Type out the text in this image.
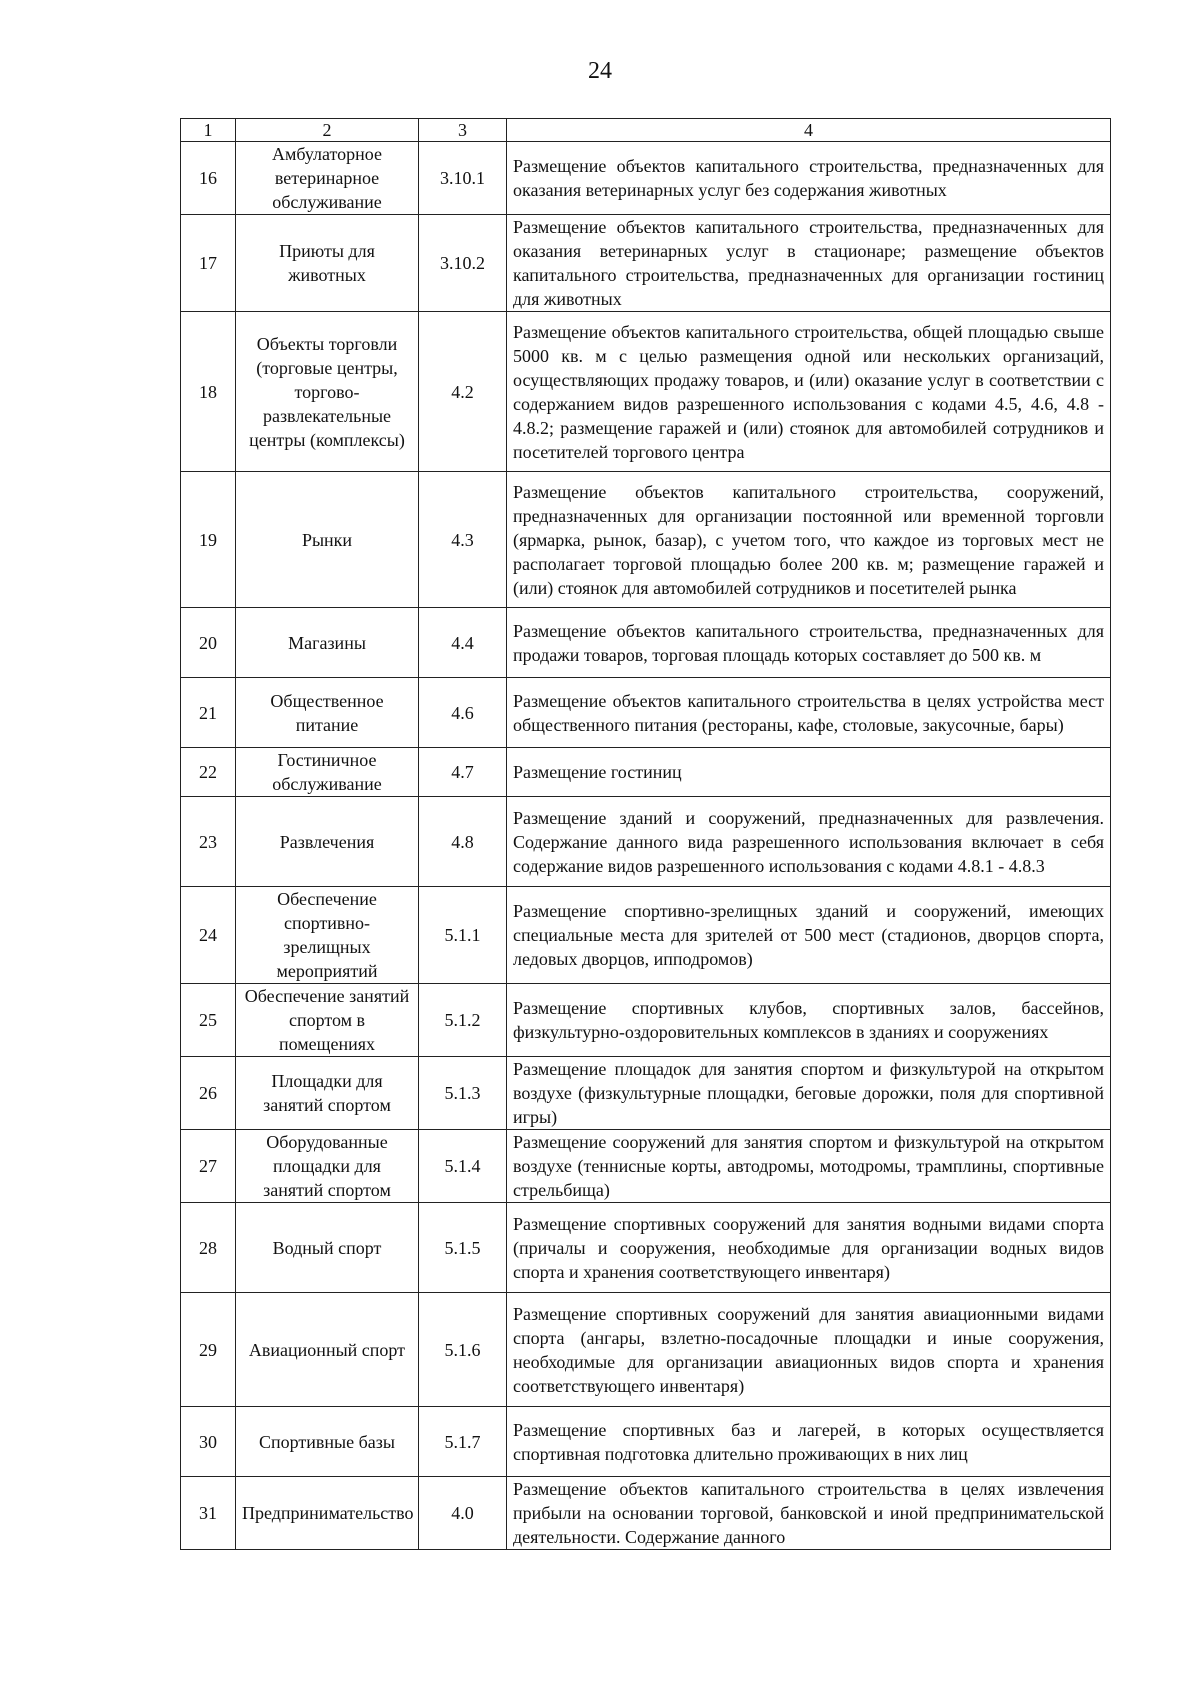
24
1	2	3	4
16	Амбулаторное ветеринарное обслуживание	3.10.1	Размещение объектов капитального строительства, предназначенных для оказания ветеринарных услуг без содержания животных
17	Приюты для животных	3.10.2	Размещение объектов капитального строительства, предназначенных для оказания ветеринарных услуг в стационаре; размещение объектов капитального строительства, предназначенных для организации гостиниц для животных
18	Объекты торговли (торговые центры, торгово-развлекательные центры (комплексы)	4.2	Размещение объектов капитального строительства, общей площадью свыше 5000 кв. м с целью размещения одной или нескольких организаций, осуществляющих продажу товаров, и (или) оказание услуг в соответствии с содержанием видов разрешенного использования с кодами 4.5, 4.6, 4.8 - 4.8.2; размещение гаражей и (или) стоянок для автомобилей сотрудников и посетителей торгового центра
19	Рынки	4.3	Размещение объектов капитального строительства, сооружений, предназначенных для организации постоянной или временной торговли (ярмарка, рынок, базар), с учетом того, что каждое из торговых мест не располагает торговой площадью более 200 кв. м; размещение гаражей и (или) стоянок для автомобилей сотрудников и посетителей рынка
20	Магазины	4.4	Размещение объектов капитального строительства, предназначенных для продажи товаров, торговая площадь которых составляет до 500 кв. м
21	Общественное питание	4.6	Размещение объектов капитального строительства в целях устройства мест общественного питания (рестораны, кафе, столовые, закусочные, бары)
22	Гостиничное обслуживание	4.7	Размещение гостиниц
23	Развлечения	4.8	Размещение зданий и сооружений, предназначенных для развлечения. Содержание данного вида разрешенного использования включает в себя содержание видов разрешенного использования с кодами 4.8.1 - 4.8.3
24	Обеспечение спортивно-зрелищных мероприятий	5.1.1	Размещение спортивно-зрелищных зданий и сооружений, имеющих специальные места для зрителей от 500 мест (стадионов, дворцов спорта, ледовых дворцов, ипподромов)
25	Обеспечение занятий спортом в помещениях	5.1.2	Размещение спортивных клубов, спортивных залов, бассейнов, физкультурно-оздоровительных комплексов в зданиях и сооружениях
26	Площадки для занятий спортом	5.1.3	Размещение площадок для занятия спортом и физкультурой на открытом воздухе (физкультурные площадки, беговые дорожки, поля для спортивной игры)
27	Оборудованные площадки для занятий спортом	5.1.4	Размещение сооружений для занятия спортом и физкультурой на открытом воздухе (теннисные корты, автодромы, мотодромы, трамплины, спортивные стрельбища)
28	Водный спорт	5.1.5	Размещение спортивных сооружений для занятия водными видами спорта (причалы и сооружения, необходимые для организации водных видов спорта и хранения соответствующего инвентаря)
29	Авиационный спорт	5.1.6	Размещение спортивных сооружений для занятия авиационными видами спорта (ангары, взлетно-посадочные площадки и иные сооружения, необходимые для организации авиационных видов спорта и хранения соответствующего инвентаря)
30	Спортивные базы	5.1.7	Размещение спортивных баз и лагерей, в которых осуществляется спортивная подготовка длительно проживающих в них лиц
31	Предпринимательство	4.0	Размещение объектов капитального строительства в целях извлечения прибыли на основании торговой, банковской и иной предпринимательской деятельности. Содержание данного
